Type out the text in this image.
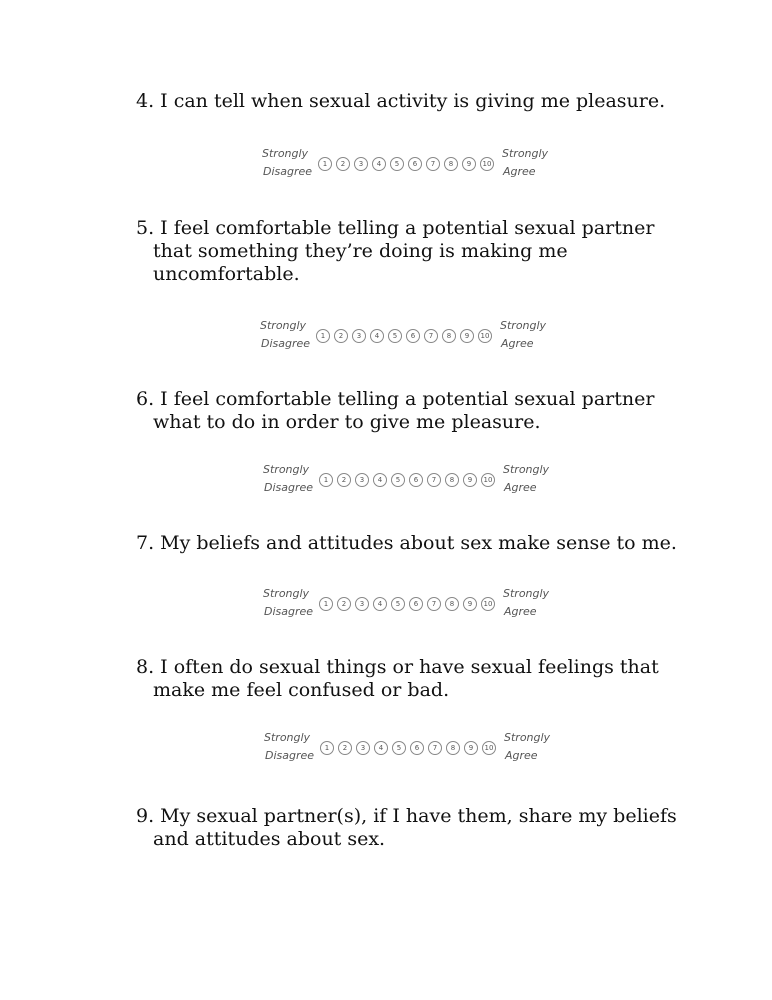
4. I can tell when sexual activity is giving me pleasure.
Strongly
Disagree
1	2	3	4	5	6	7	8	9	10
Strongly
Agree
5. I feel comfortable telling a potential sexual partner
that something they’re doing is making me
uncomfortable.
Strongly
Disagree
1	2	3	4	5	6	7	8	9	10
Strongly
Agree
6. I feel comfortable telling a potential sexual partner
what to do in order to give me pleasure.
Strongly
Disagree
1	2	3	4	5	6	7	8	9	10
Strongly
Agree
7. My beliefs and attitudes about sex make sense to me.
Strongly
Disagree
1	2	3	4	5	6	7	8	9	10
Strongly
Agree
8. I often do sexual things or have sexual feelings that
make me feel confused or bad.
Strongly
Disagree
1	2	3	4	5	6	7	8	9	10
Strongly
Agree
9. My sexual partner(s), if I have them, share my beliefs
and attitudes about sex.
